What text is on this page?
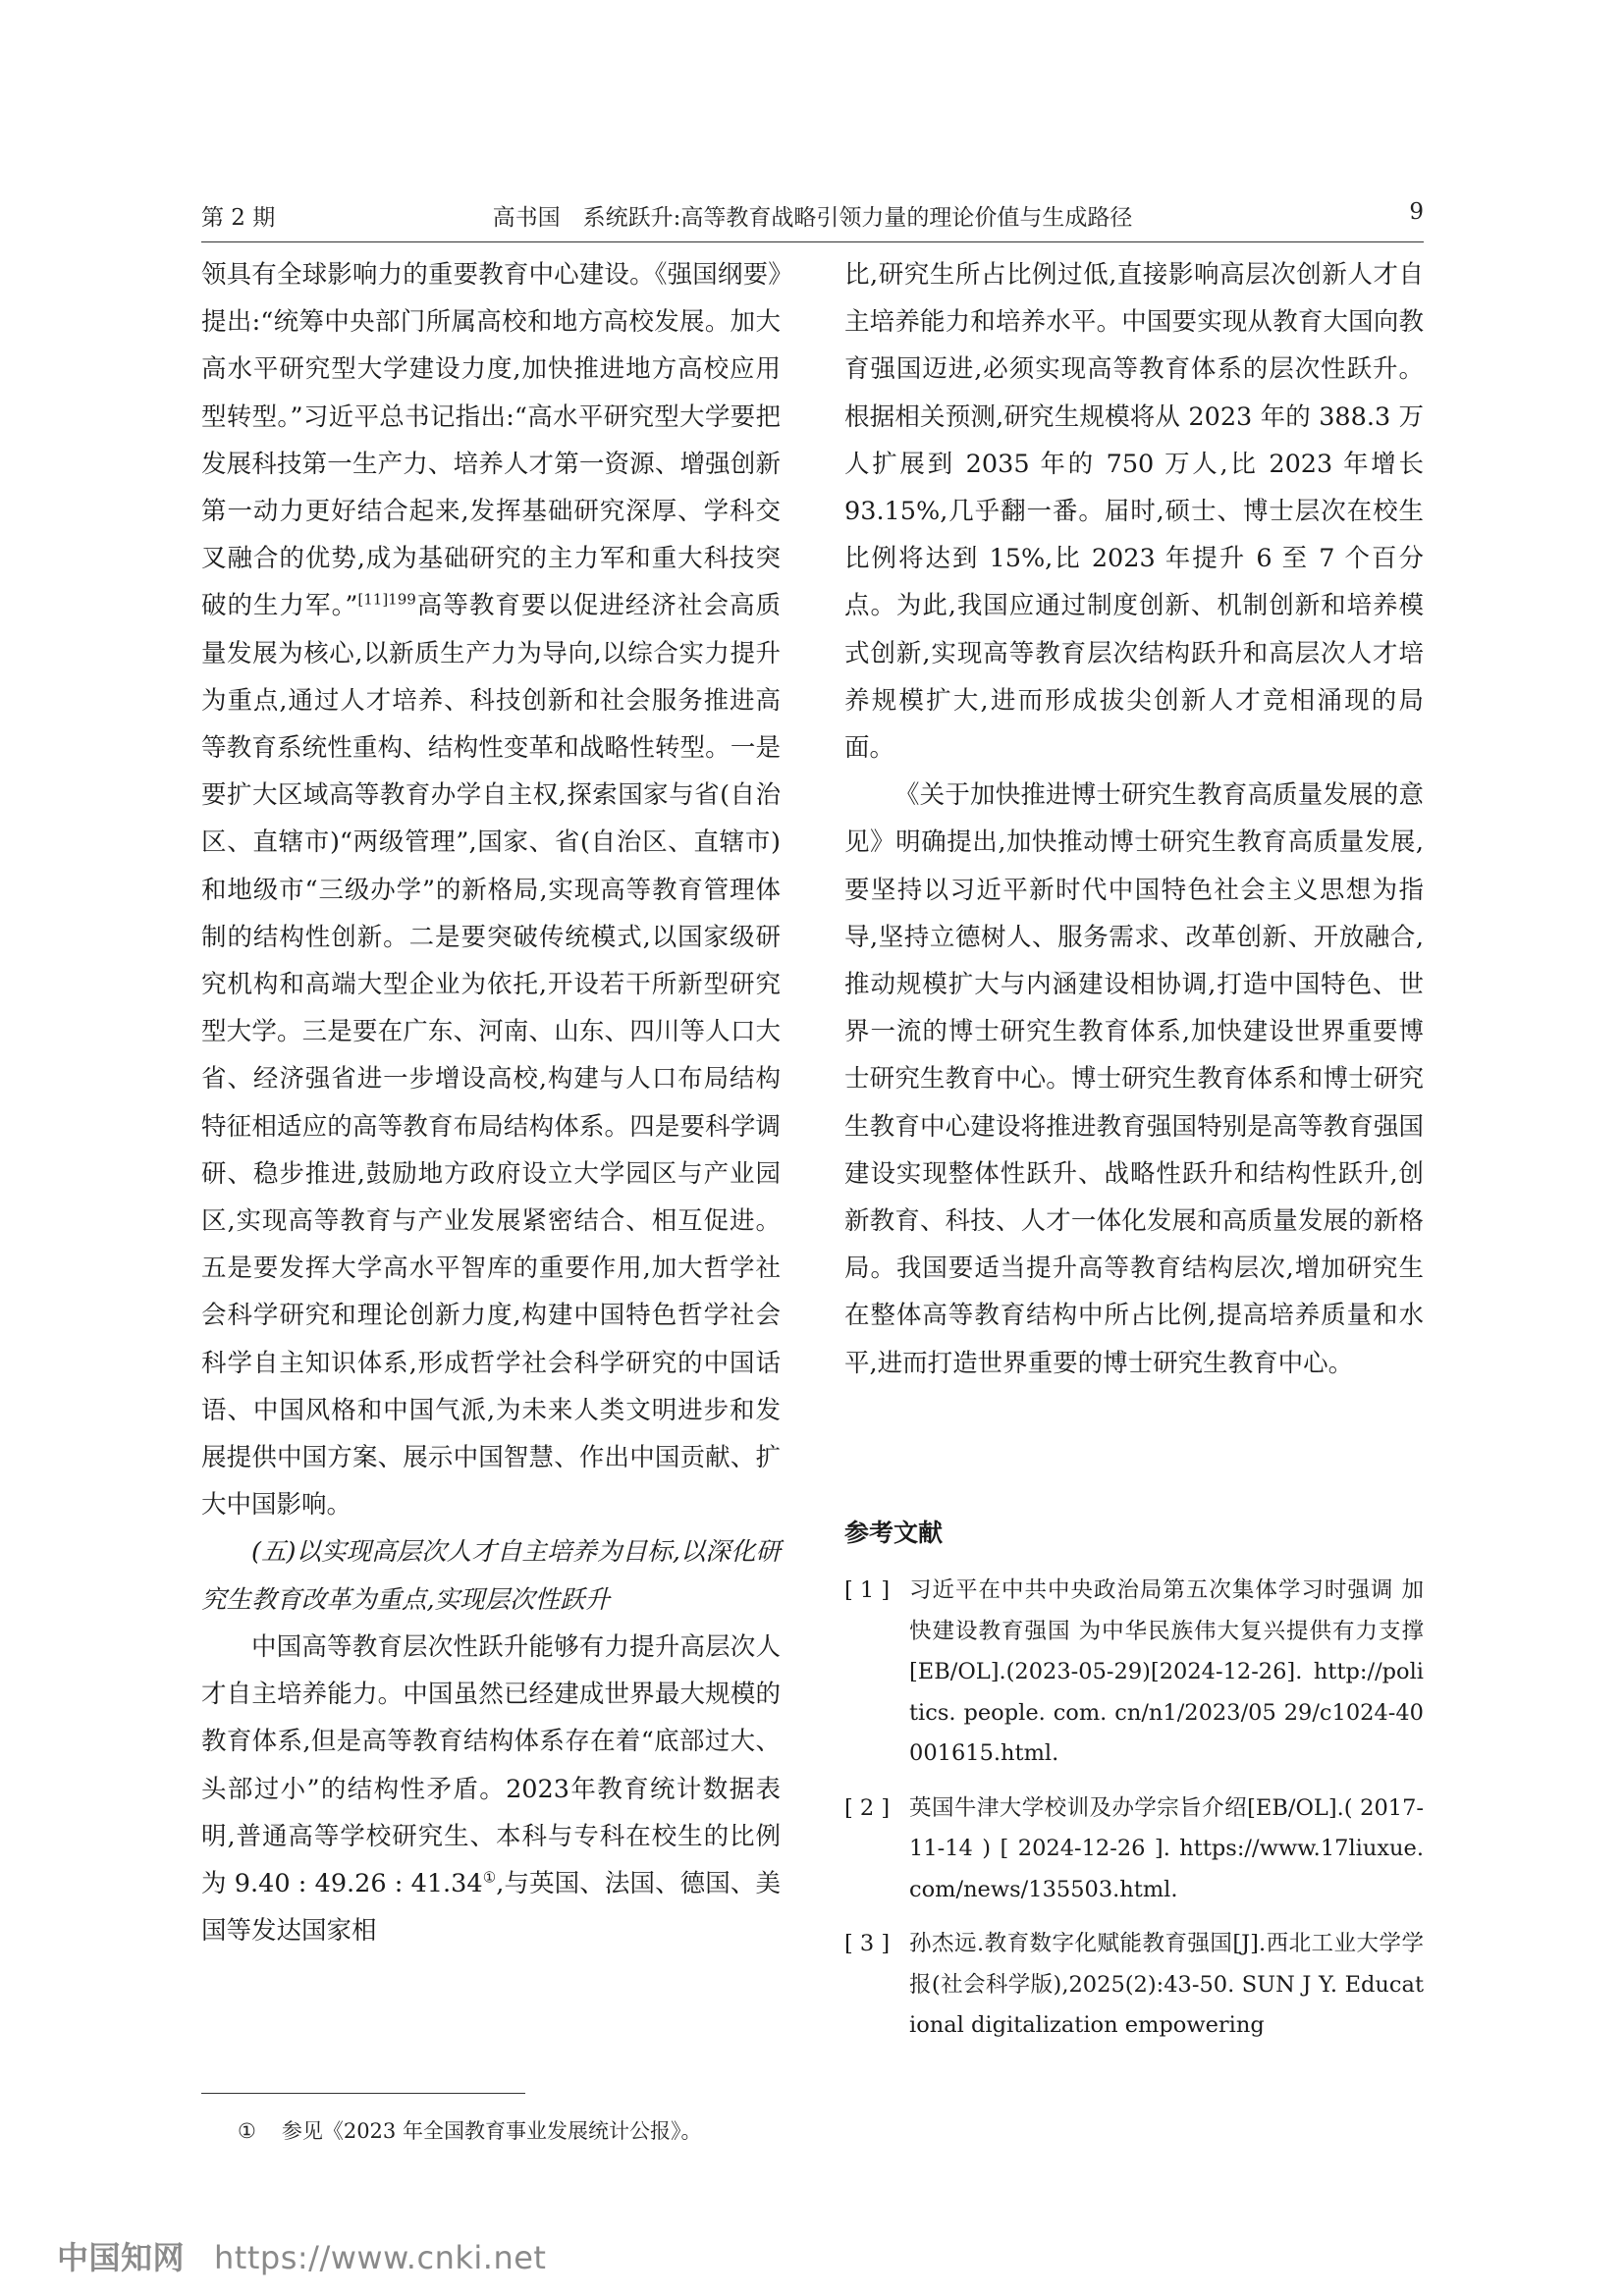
第 2 期	高书国　系统跃升:高等教育战略引领力量的理论价值与生成路径	9

领具有全球影响力的重要教育中心建设。《强国纲要》提出:“统筹中央部门所属高校和地方高校发展。加大高水平研究型大学建设力度,加快推进地方高校应用型转型。”习近平总书记指出:“高水平研究型大学要把发展科技第一生产力、培养人才第一资源、增强创新第一动力更好结合起来,发挥基础研究深厚、学科交叉融合的优势,成为基础研究的主力军和重大科技突破的生力军。”$^{[11]199}$高等教育要以促进经济社会高质量发展为核心,以新质生产力为导向,以综合实力提升为重点,通过人才培养、科技创新和社会服务推进高等教育系统性重构、结构性变革和战略性转型。一是要扩大区域高等教育办学自主权,探索国家与省(自治区、直辖市)“两级管理”,国家、省(自治区、直辖市)和地级市“三级办学”的新格局,实现高等教育管理体制的结构性创新。二是要突破传统模式,以国家级研究机构和高端大型企业为依托,开设若干所新型研究型大学。三是要在广东、河南、山东、四川等人口大省、经济强省进一步增设高校,构建与人口布局结构特征相适应的高等教育布局结构体系。四是要科学调研、稳步推进,鼓励地方政府设立大学园区与产业园区,实现高等教育与产业发展紧密结合、相互促进。五是要发挥大学高水平智库的重要作用,加大哲学社会科学研究和理论创新力度,构建中国特色哲学社会科学自主知识体系,形成哲学社会科学研究的中国话语、中国风格和中国气派,为未来人类文明进步和发展提供中国方案、展示中国智慧、作出中国贡献、扩大中国影响。

(五)以实现高层次人才自主培养为目标,以深化研究生教育改革为重点,实现层次性跃升

中国高等教育层次性跃升能够有力提升高层次人才自主培养能力。中国虽然已经建成世界最大规模的教育体系,但是高等教育结构体系存在着“底部过大、头部过小”的结构性矛盾。2023年教育统计数据表明,普通高等学校研究生、本科与专科在校生的比例为 9.40 : 49.26 : 41.34①,与英国、法国、德国、美国等发达国家相

比,研究生所占比例过低,直接影响高层次创新人才自主培养能力和培养水平。中国要实现从教育大国向教育强国迈进,必须实现高等教育体系的层次性跃升。根据相关预测,研究生规模将从 2023 年的 388.3 万人扩展到 2035 年的 750 万人,比 2023 年增长 93.15%,几乎翻一番。届时,硕士、博士层次在校生比例将达到 15%,比 2023 年提升 6 至 7 个百分点。为此,我国应通过制度创新、机制创新和培养模式创新,实现高等教育层次结构跃升和高层次人才培养规模扩大,进而形成拔尖创新人才竞相涌现的局面。

《关于加快推进博士研究生教育高质量发展的意见》明确提出,加快推动博士研究生教育高质量发展,要坚持以习近平新时代中国特色社会主义思想为指导,坚持立德树人、服务需求、改革创新、开放融合,推动规模扩大与内涵建设相协调,打造中国特色、世界一流的博士研究生教育体系,加快建设世界重要博士研究生教育中心。博士研究生教育体系和博士研究生教育中心建设将推进教育强国特别是高等教育强国建设实现整体性跃升、战略性跃升和结构性跃升,创新教育、科技、人才一体化发展和高质量发展的新格局。我国要适当提升高等教育结构层次,增加研究生在整体高等教育结构中所占比例,提高培养质量和水平,进而打造世界重要的博士研究生教育中心。

参考文献
[ 1 ] 习近平在中共中央政治局第五次集体学习时强调 加快建设教育强国 为中华民族伟大复兴提供有力支撑[EB/OL].(2023-05-29)[2024-12-26]. http://politics. people. com. cn/n1/2023/05 29/c1024-40001615.html.
[ 2 ] 英国牛津大学校训及办学宗旨介绍[EB/OL].( 2017-11-14 ) [ 2024-12-26 ]. https://www.17liuxue.com/news/135503.html.
[ 3 ] 孙杰远.教育数字化赋能教育强国[J].西北工业大学学报(社会科学版),2025(2):43-50. SUN J Y. Educational digitalization empowering
① 参见《2023 年全国教育事业发展统计公报》。
中国知网 https://www.cnki.net
